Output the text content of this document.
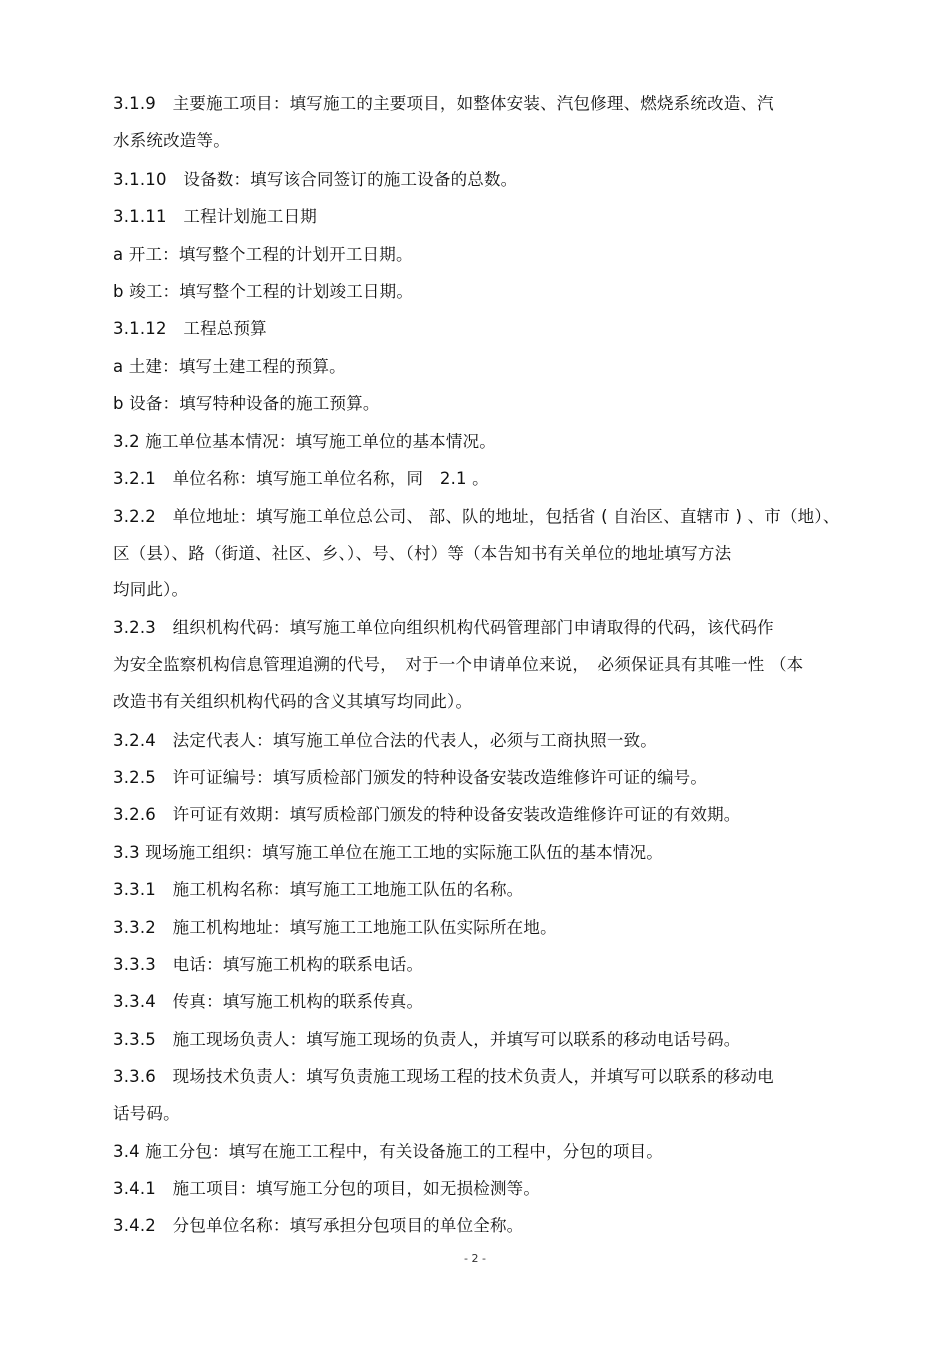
3.1.9　主要施工项目：填写施工的主要项目，如整体安装、汽包修理、燃烧系统改造、汽
水系统改造等。
3.1.10　设备数：填写该合同签订的施工设备的总数。
3.1.11　工程计划施工日期
a 开工：填写整个工程的计划开工日期。
b 竣工：填写整个工程的计划竣工日期。
3.1.12　工程总预算
a 土建：填写土建工程的预算。
b 设备：填写特种设备的施工预算。
3.2 施工单位基本情况：填写施工单位的基本情况。
3.2.1　单位名称：填写施工单位名称，同　2.1 。
3.2.2　单位地址：填写施工单位总公司、 部、队的地址，包括省 ( 自治区、直辖市 ) 、市（地）、
区（县）、路（街道、社区、乡、）、号、（村）等（本告知书有关单位的地址填写方法
均同此）。
3.2.3　组织机构代码：填写施工单位向组织机构代码管理部门申请取得的代码，该代码作
为安全监察机构信息管理追溯的代号，　对于一个申请单位来说，　必须保证具有其唯一性 （本
改造书有关组织机构代码的含义其填写均同此）。
3.2.4　法定代表人：填写施工单位合法的代表人，必须与工商执照一致。
3.2.5　许可证编号：填写质检部门颁发的特种设备安装改造维修许可证的编号。
3.2.6　许可证有效期：填写质检部门颁发的特种设备安装改造维修许可证的有效期。
3.3 现场施工组织：填写施工单位在施工工地的实际施工队伍的基本情况。
3.3.1　施工机构名称：填写施工工地施工队伍的名称。
3.3.2　施工机构地址：填写施工工地施工队伍实际所在地。
3.3.3　电话：填写施工机构的联系电话。
3.3.4　传真：填写施工机构的联系传真。
3.3.5　施工现场负责人：填写施工现场的负责人，并填写可以联系的移动电话号码。
3.3.6　现场技术负责人：填写负责施工现场工程的技术负责人，并填写可以联系的移动电
话号码。
3.4 施工分包：填写在施工工程中，有关设备施工的工程中，分包的项目。
3.4.1　施工项目：填写施工分包的项目，如无损检测等。
3.4.2　分包单位名称：填写承担分包项目的单位全称。
- 2 -
